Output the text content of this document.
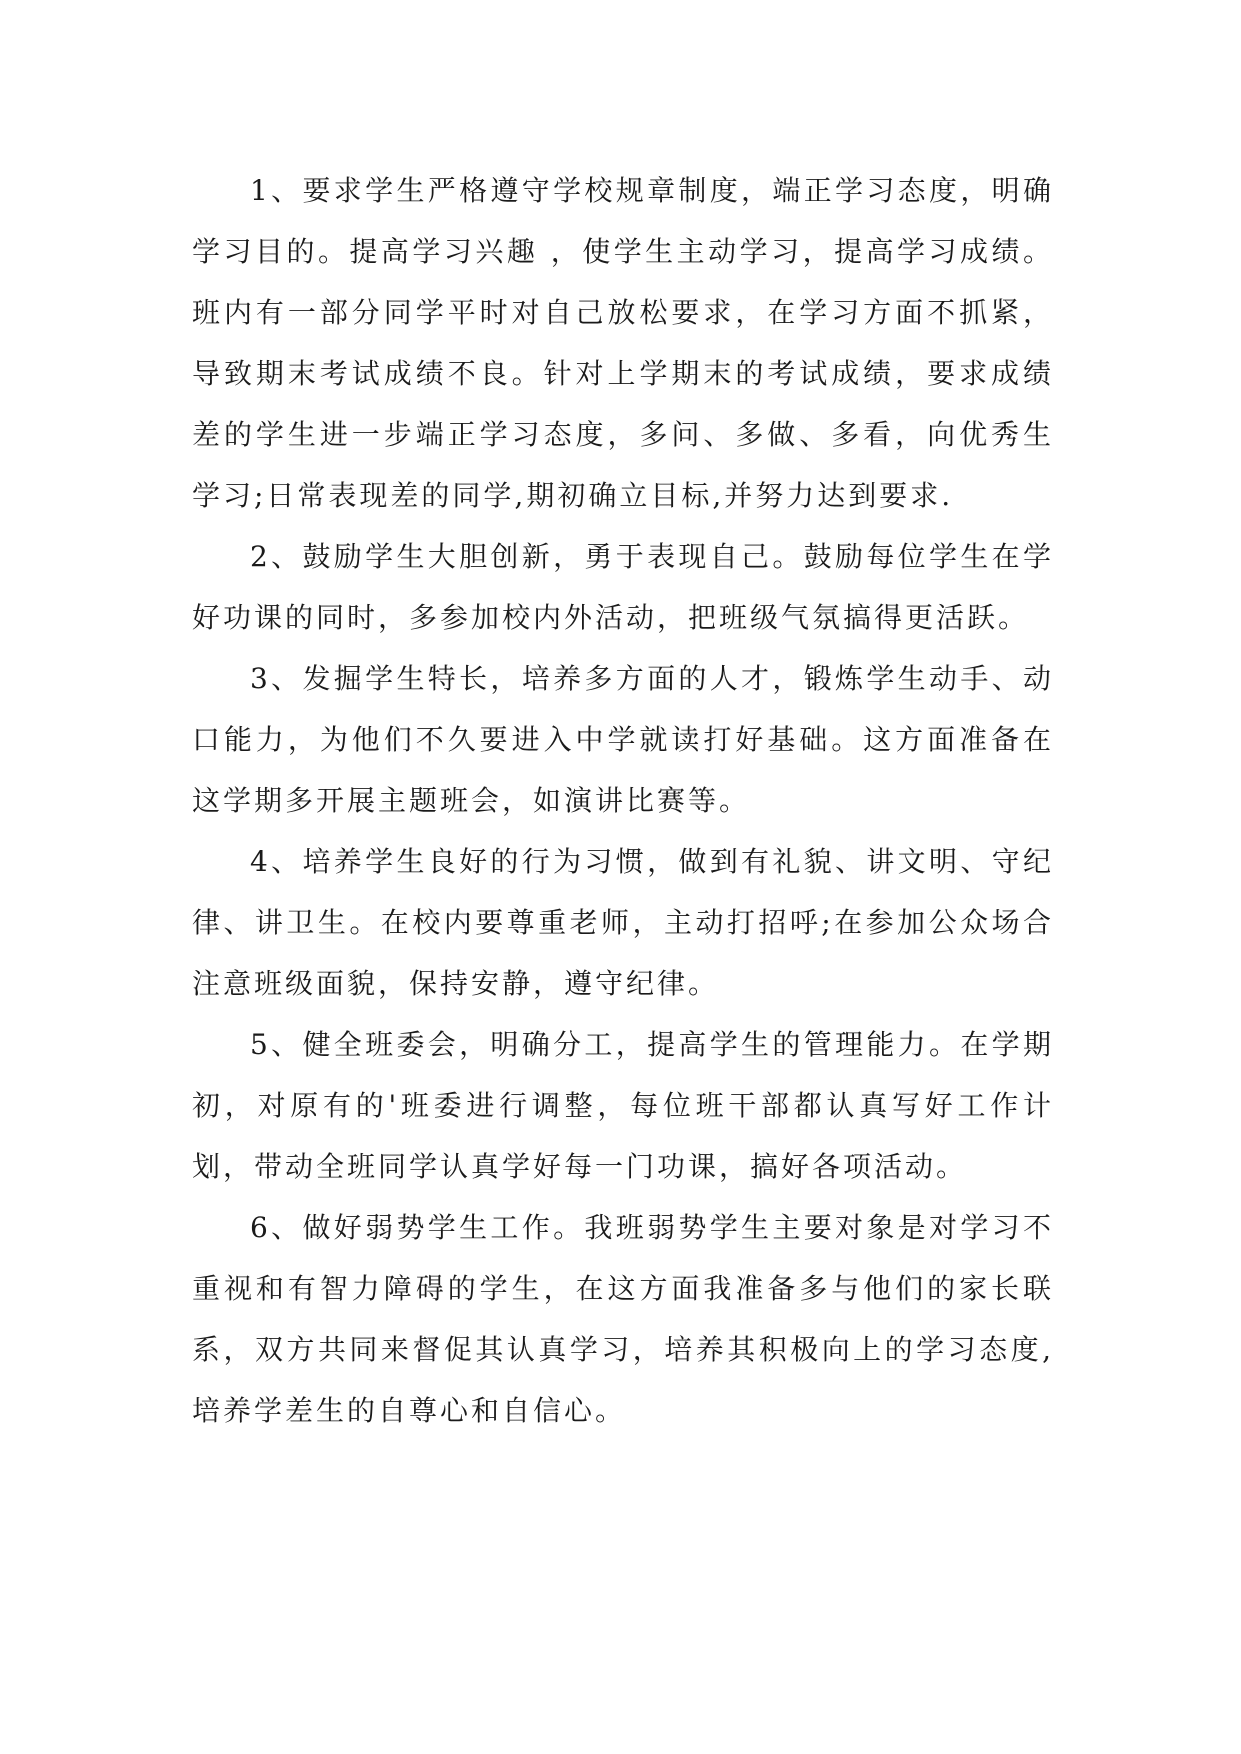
1、要求学生严格遵守学校规章制度，端正学习态度，明确学习目的。提高学习兴趣 ，使学生主动学习，提高学习成绩。班内有一部分同学平时对自己放松要求，在学习方面不抓紧，导致期末考试成绩不良。针对上学期末的考试成绩，要求成绩差的学生进一步端正学习态度，多问、多做、多看，向优秀生学习;日常表现差的同学,期初确立目标,并努力达到要求.

2、鼓励学生大胆创新，勇于表现自己。鼓励每位学生在学好功课的同时，多参加校内外活动，把班级气氛搞得更活跃。

3、发掘学生特长，培养多方面的人才，锻炼学生动手、动口能力，为他们不久要进入中学就读打好基础。这方面准备在这学期多开展主题班会，如演讲比赛等。

4、培养学生良好的行为习惯，做到有礼貌、讲文明、守纪律、讲卫生。在校内要尊重老师，主动打招呼;在参加公众场合注意班级面貌，保持安静，遵守纪律。

5、健全班委会，明确分工，提高学生的管理能力。在学期初，对原有的'班委进行调整，每位班干部都认真写好工作计划，带动全班同学认真学好每一门功课，搞好各项活动。

6、做好弱势学生工作。我班弱势学生主要对象是对学习不重视和有智力障碍的学生，在这方面我准备多与他们的家长联系，双方共同来督促其认真学习，培养其积极向上的学习态度,培养学差生的自尊心和自信心。
